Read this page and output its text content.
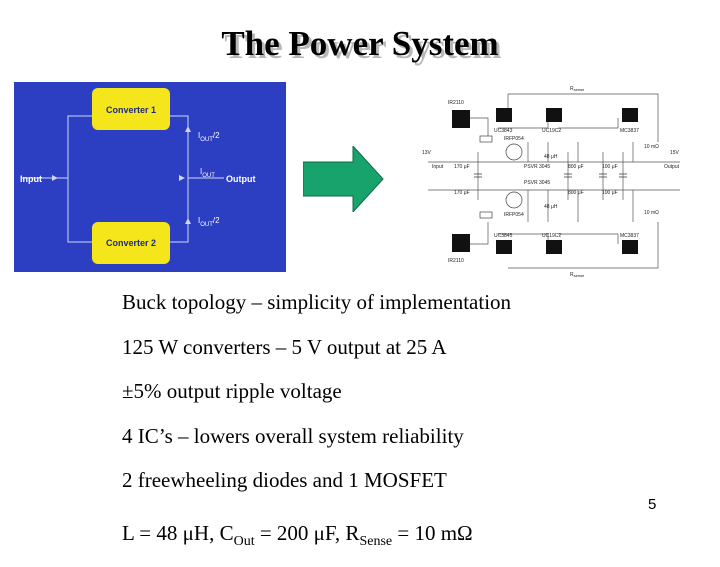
The Power System
Converter 1
Converter 2
Input	Output
$I_{OUT}/2$
$I_{OUT}$
$I_{OUT}/2$
IR2110
IR2110
UC3843
UC3845
UC19C2
UC19C2
MC3837
MC3837
IRFP054
IRFP054
13V
Input 170 μF
170 μF
48 μH
48 μH
PSVR 3045
PSVR 3045
800 μF
800 μF
100 μF
100 μF
10 mΩ
10 mΩ
15V
Output
$R_{sense}$
$R_{sense}$
Buck topology – simplicity of implementation
125 W converters – 5 V output at 25 A
±5% output ripple voltage
4 IC’s – lowers overall system reliability
2 freewheeling diodes and 1 MOSFET
L = 48 μH, $C_{Out} = 200$ μF, $R_{Sense} = 10$ mΩ
5
